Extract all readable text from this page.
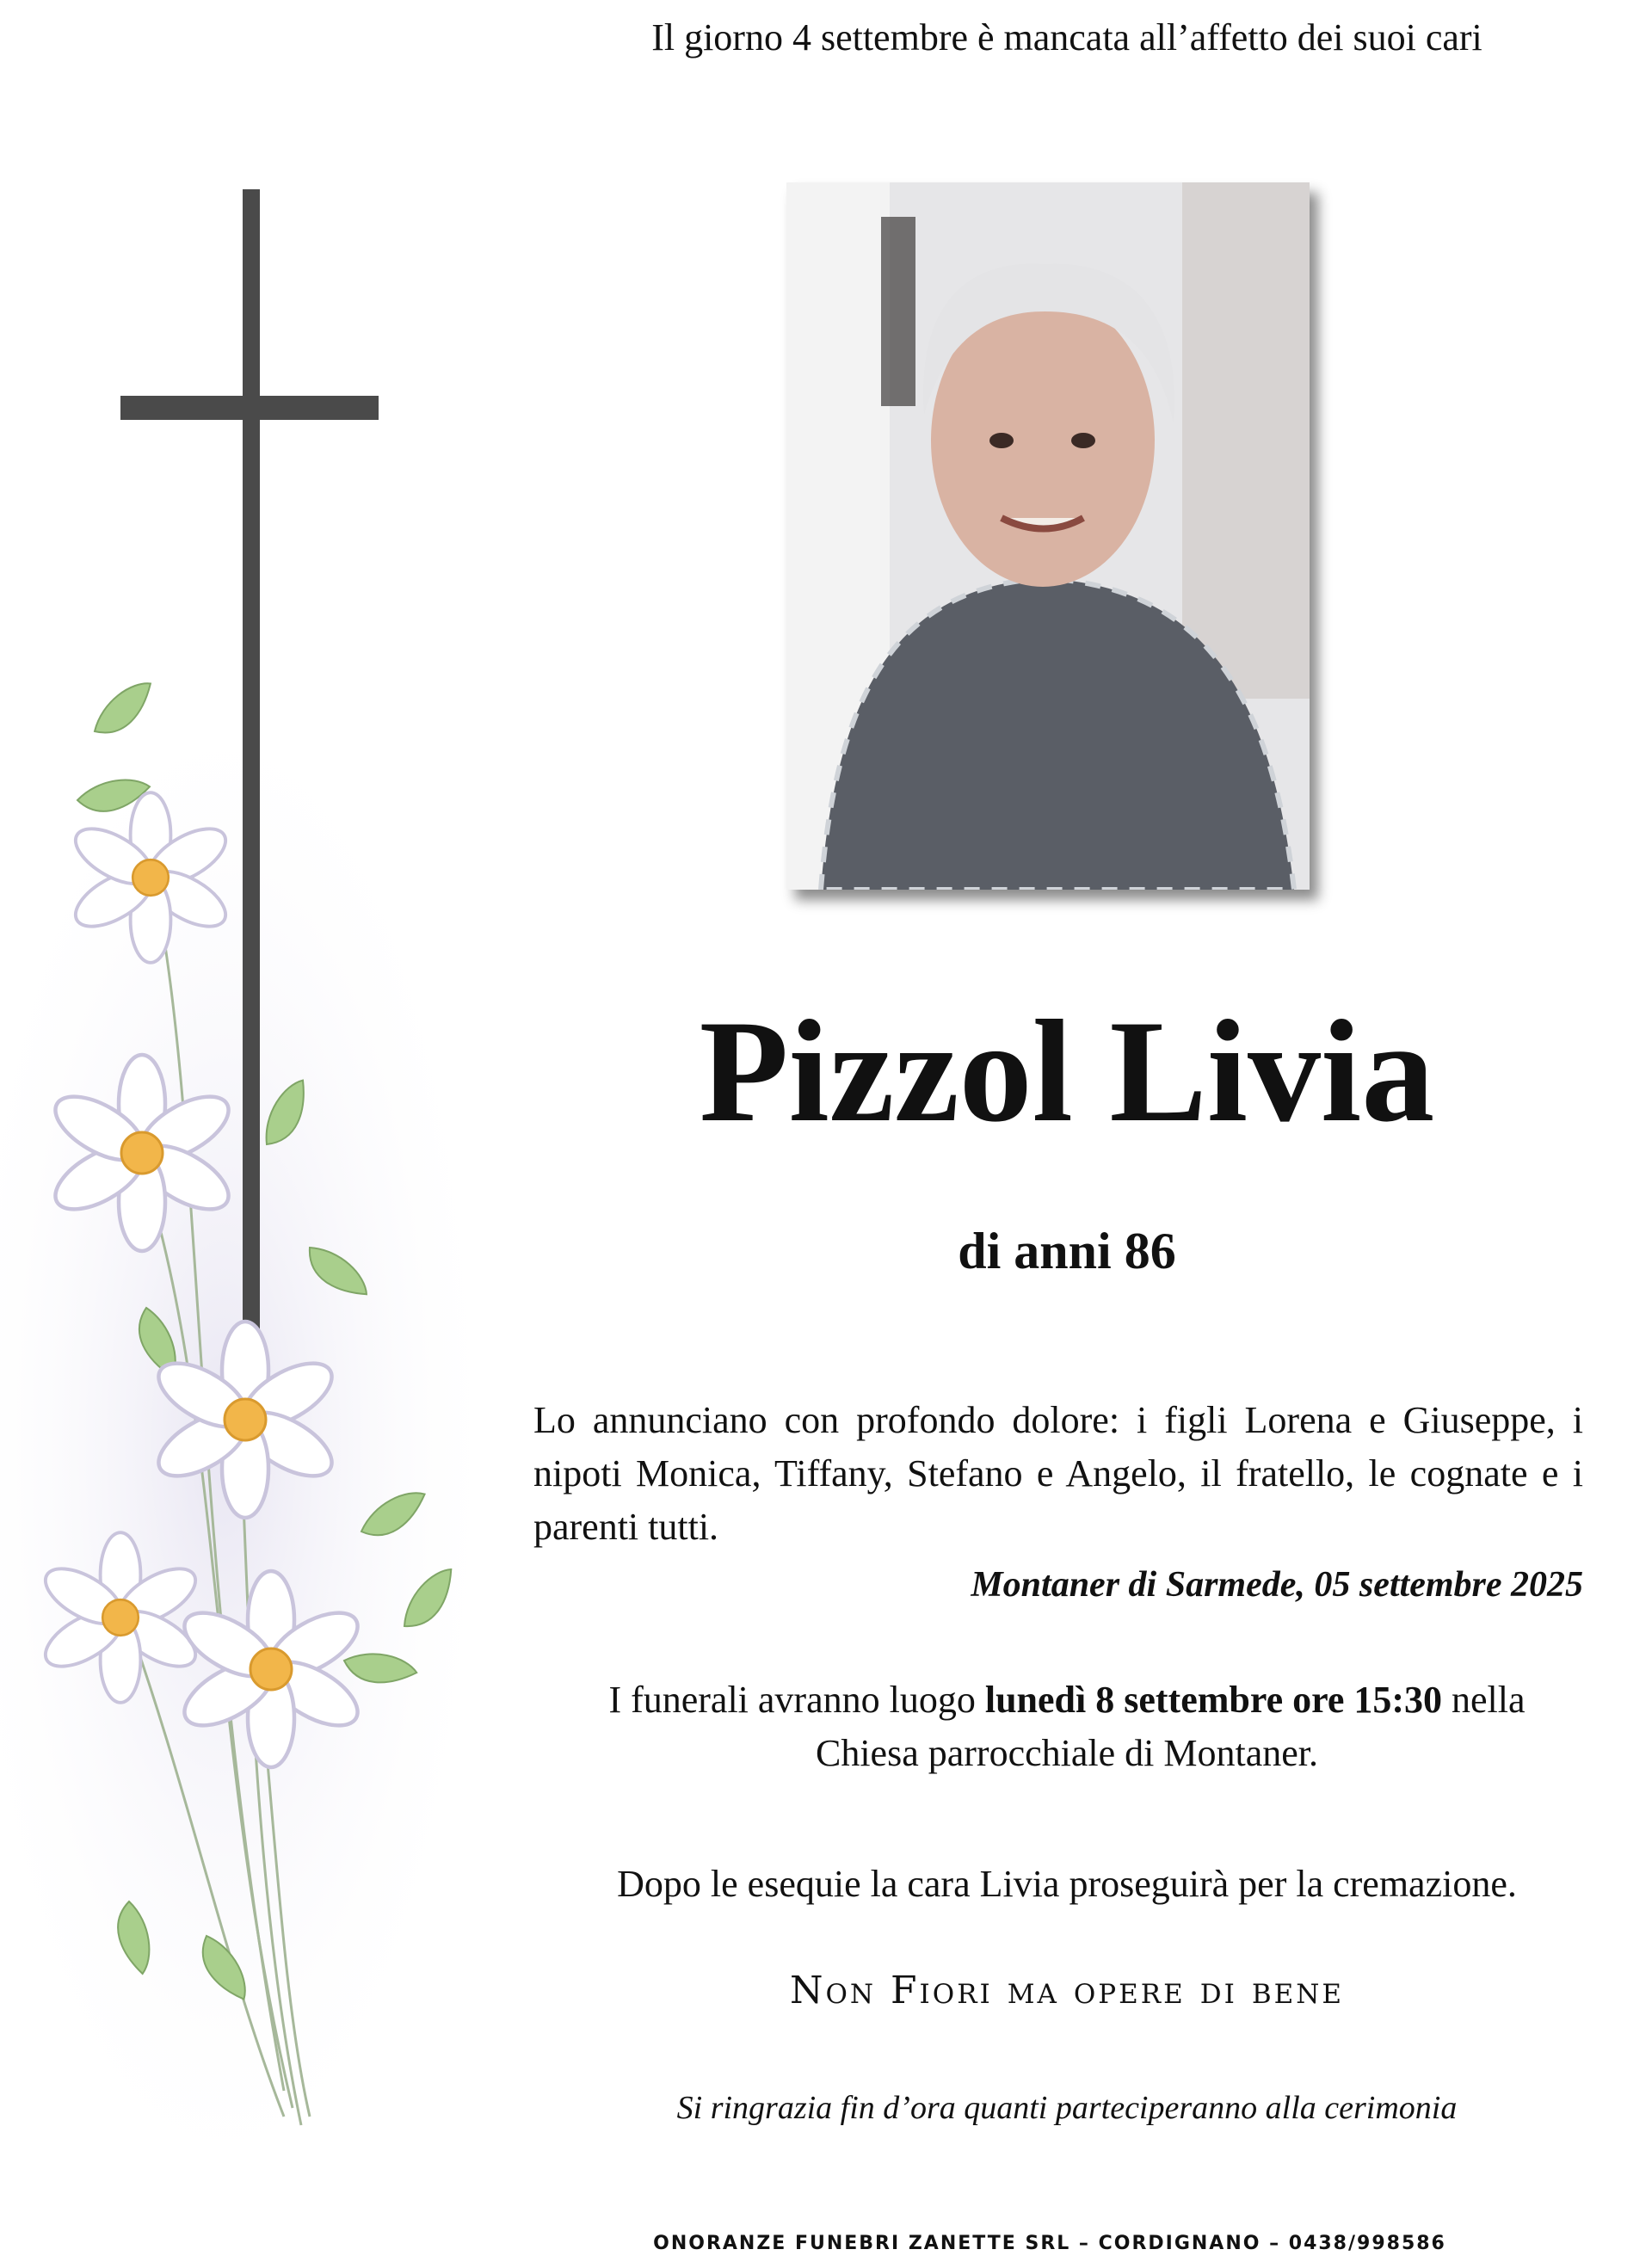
Il giorno 4 settembre è mancata all’affetto dei suoi cari
Pizzol Livia
di anni 86
Lo annunciano con profondo dolore: i figli Lorena e Giuseppe, i nipoti Monica, Tiffany, Stefano e Angelo, il fratello, le cognate e i parenti tutti.
Montaner di Sarmede, 05 settembre 2025
I funerali avranno luogo lunedì 8 settembre ore 15:30 nella
Chiesa parrocchiale di Montaner.
Dopo le esequie la cara Livia proseguirà per la cremazione.
Non Fiori ma opere di bene
Si ringrazia fin d’ora quanti parteciperanno alla cerimonia
ONORANZE FUNEBRI ZANETTE SRL – CORDIGNANO – 0438/998586
